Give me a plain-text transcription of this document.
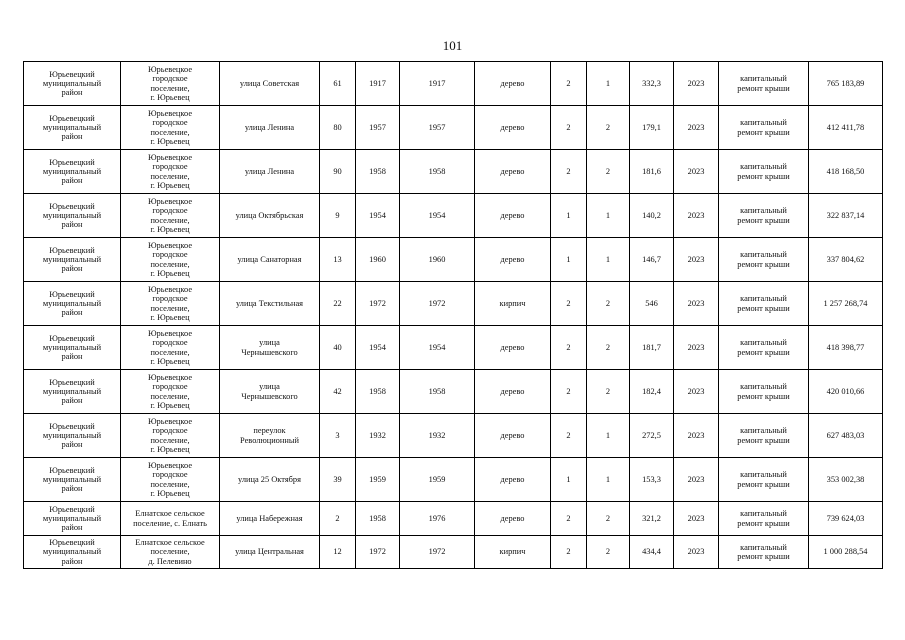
101
Юрьевецкий
муниципальный
район	Юрьевецкое
городское
поселение,
г. Юрьевец	улица Советская	61	1917	1917	дерево	2	1	332,3	2023	капитальный
ремонт крыши	765 183,89
Юрьевецкий
муниципальный
район	Юрьевецкое
городское
поселение,
г. Юрьевец	улица Ленина	80	1957	1957	дерево	2	2	179,1	2023	капитальный
ремонт крыши	412 411,78
Юрьевецкий
муниципальный
район	Юрьевецкое
городское
поселение,
г. Юрьевец	улица Ленина	90	1958	1958	дерево	2	2	181,6	2023	капитальный
ремонт крыши	418 168,50
Юрьевецкий
муниципальный
район	Юрьевецкое
городское
поселение,
г. Юрьевец	улица Октябрьская	9	1954	1954	дерево	1	1	140,2	2023	капитальный
ремонт крыши	322 837,14
Юрьевецкий
муниципальный
район	Юрьевецкое
городское
поселение,
г. Юрьевец	улица Санаторная	13	1960	1960	дерево	1	1	146,7	2023	капитальный
ремонт крыши	337 804,62
Юрьевецкий
муниципальный
район	Юрьевецкое
городское
поселение,
г. Юрьевец	улица Текстильная	22	1972	1972	кирпич	2	2	546	2023	капитальный
ремонт крыши	1 257 268,74
Юрьевецкий
муниципальный
район	Юрьевецкое
городское
поселение,
г. Юрьевец	улица
Чернышевского	40	1954	1954	дерево	2	2	181,7	2023	капитальный
ремонт крыши	418 398,77
Юрьевецкий
муниципальный
район	Юрьевецкое
городское
поселение,
г. Юрьевец	улица
Чернышевского	42	1958	1958	дерево	2	2	182,4	2023	капитальный
ремонт крыши	420 010,66
Юрьевецкий
муниципальный
район	Юрьевецкое
городское
поселение,
г. Юрьевец	переулок
Революционный	3	1932	1932	дерево	2	1	272,5	2023	капитальный
ремонт крыши	627 483,03
Юрьевецкий
муниципальный
район	Юрьевецкое
городское
поселение,
г. Юрьевец	улица 25 Октября	39	1959	1959	дерево	1	1	153,3	2023	капитальный
ремонт крыши	353 002,38
Юрьевецкий
муниципальный
район	Елнатское сельское
поселение, с. Елнать	улица Набережная	2	1958	1976	дерево	2	2	321,2	2023	капитальный
ремонт крыши	739 624,03
Юрьевецкий
муниципальный
район	Елнатское сельское
поселение,
д. Пелевино	улица Центральная	12	1972	1972	кирпич	2	2	434,4	2023	капитальный
ремонт крыши	1 000 288,54
